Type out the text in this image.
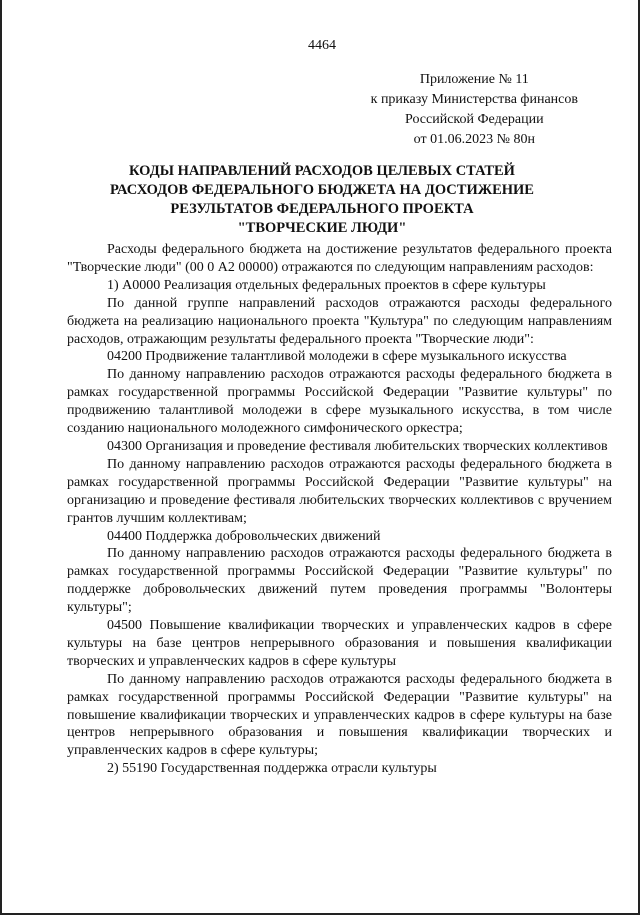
4464
Приложение № 11
к приказу Министерства финансов
Российской Федерации
от 01.06.2023 № 80н
КОДЫ НАПРАВЛЕНИЙ РАСХОДОВ ЦЕЛЕВЫХ СТАТЕЙ
РАСХОДОВ ФЕДЕРАЛЬНОГО БЮДЖЕТА НА ДОСТИЖЕНИЕ
РЕЗУЛЬТАТОВ ФЕДЕРАЛЬНОГО ПРОЕКТА
"ТВОРЧЕСКИЕ ЛЮДИ"

Расходы федерального бюджета на достижение результатов федерального проекта "Творческие люди" (00 0 А2 00000) отражаются по следующим направлениям расходов:

1) А0000 Реализация отдельных федеральных проектов в сфере культуры

По данной группе направлений расходов отражаются расходы федерального бюджета на реализацию национального проекта "Культура" по следующим направлениям расходов, отражающим результаты федерального проекта "Творческие люди":

04200 Продвижение талантливой молодежи в сфере музыкального искусства

По данному направлению расходов отражаются расходы федерального бюджета в рамках государственной программы Российской Федерации "Развитие культуры" по продвижению талантливой молодежи в сфере музыкального искусства, в том числе созданию национального молодежного симфонического оркестра;

04300 Организация и проведение фестиваля любительских творческих коллективов

По данному направлению расходов отражаются расходы федерального бюджета в рамках государственной программы Российской Федерации "Развитие культуры" на организацию и проведение фестиваля любительских творческих коллективов с вручением грантов лучшим коллективам;

04400 Поддержка добровольческих движений

По данному направлению расходов отражаются расходы федерального бюджета в рамках государственной программы Российской Федерации "Развитие культуры" по поддержке добровольческих движений путем проведения программы "Волонтеры культуры";

04500 Повышение квалификации творческих и управленческих кадров в сфере культуры на базе центров непрерывного образования и повышения квалификации творческих и управленческих кадров в сфере культуры

По данному направлению расходов отражаются расходы федерального бюджета в рамках государственной программы Российской Федерации "Развитие культуры" на повышение квалификации творческих и управленческих кадров в сфере культуры на базе центров непрерывного образования и повышения квалификации творческих и управленческих кадров в сфере культуры;

2) 55190 Государственная поддержка отрасли культуры
